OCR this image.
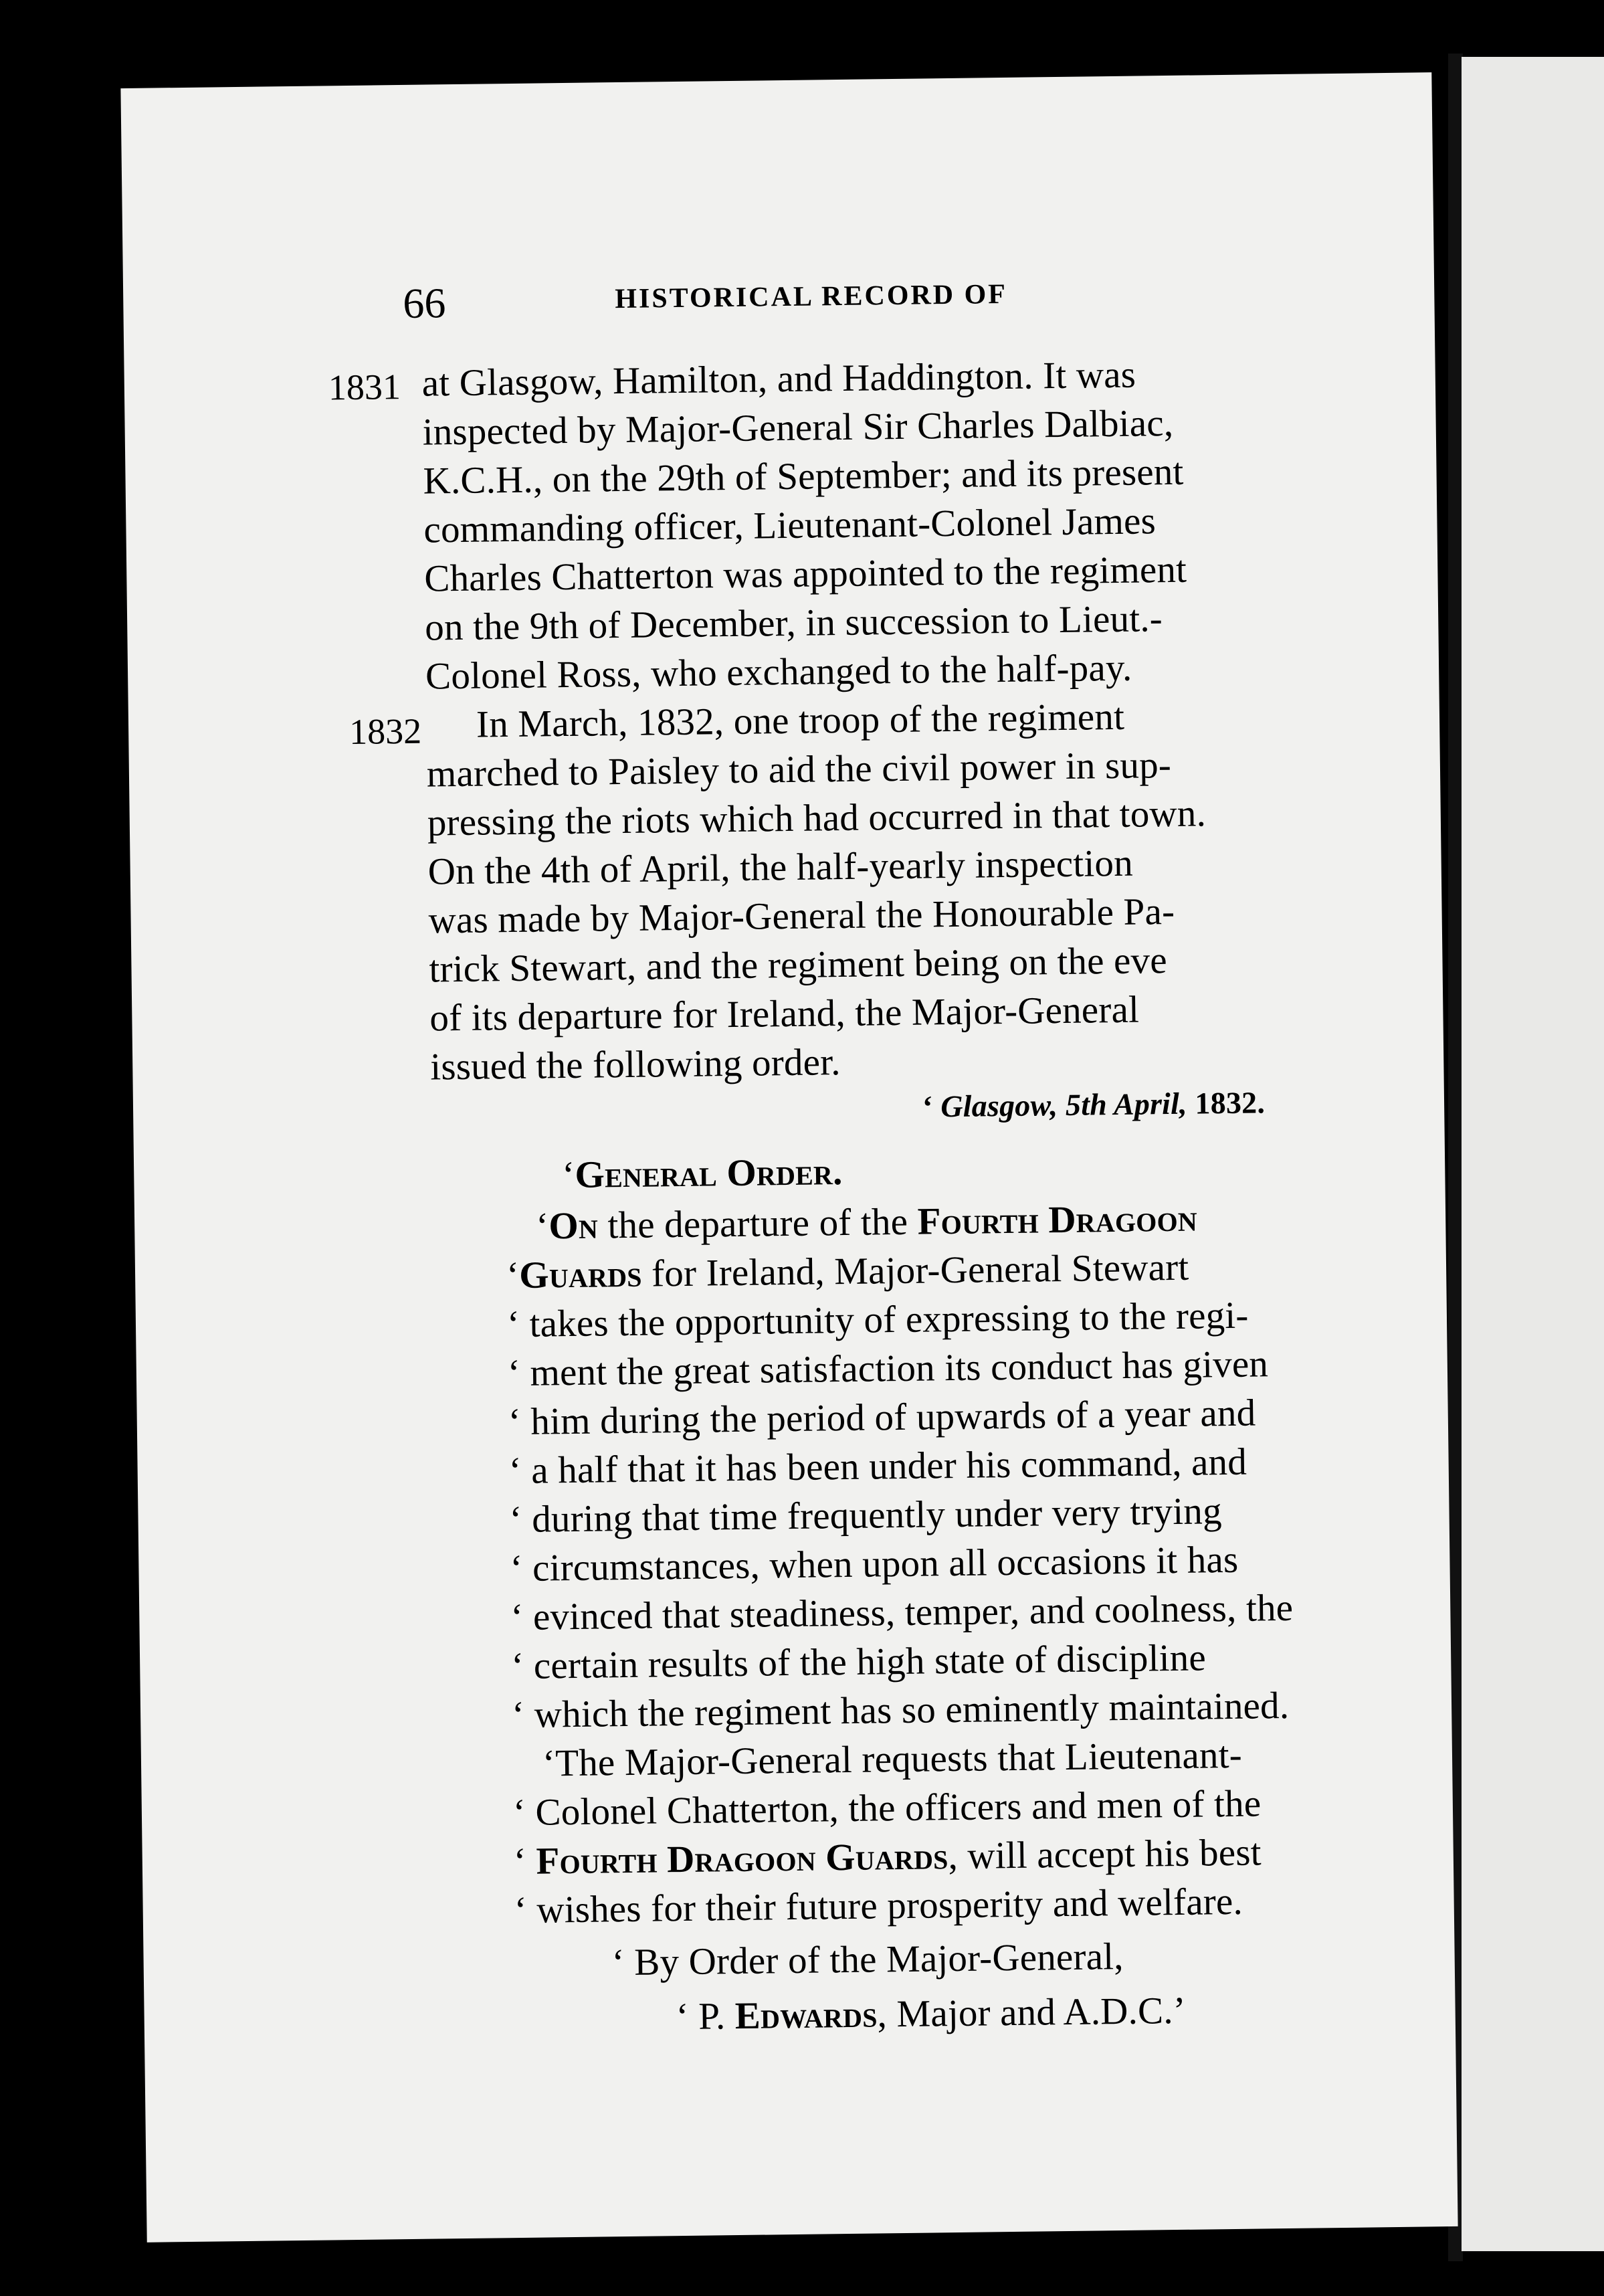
66	HISTORICAL RECORD OF
1831 at Glasgow, Hamilton, and Haddington. It was
inspected by Major-General Sir Charles Dalbiac,
K.C.H., on the 29th of September; and its present
commanding officer, Lieutenant-Colonel James
Charles Chatterton was appointed to the regiment
on the 9th of December, in succession to Lieut.-
Colonel Ross, who exchanged to the half-pay.
1832 In March, 1832, one troop of the regiment
marched to Paisley to aid the civil power in sup-
pressing the riots which had occurred in that town.
On the 4th of April, the half-yearly inspection
was made by Major-General the Honourable Pa-
trick Stewart, and the regiment being on the eve
of its departure for Ireland, the Major-General
issued the following order.
‘ Glasgow, 5th April, 1832.
‘General Order.
‘On the departure of the Fourth Dragoon
‘Guards for Ireland, Major-General Stewart
‘ takes the opportunity of expressing to the regi-
‘ ment the great satisfaction its conduct has given
‘ him during the period of upwards of a year and
‘ a half that it has been under his command, and
‘ during that time frequently under very trying
‘ circumstances, when upon all occasions it has
‘ evinced that steadiness, temper, and coolness, the
‘ certain results of the high state of discipline
‘ which the regiment has so eminently maintained.
‘The Major-General requests that Lieutenant-
‘ Colonel Chatterton, the officers and men of the
‘ Fourth Dragoon Guards, will accept his best
‘ wishes for their future prosperity and welfare.
‘ By Order of the Major-General,
‘ P. Edwards, Major and A.D.C.’
